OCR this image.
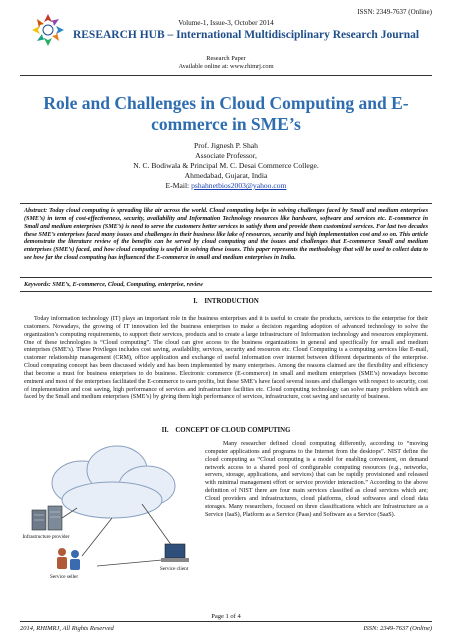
ISSN: 2349-7637 (Online)
Volume-1, Issue-3, October 2014
RESEARCH HUB – International Multidisciplinary Research Journal
Research Paper
Available online at: www.rhimrj.com
Role and Challenges in Cloud Computing and E-commerce in SME’s
Prof. Jignesh P. Shah
Associate Professor,
N. C. Bodiwala & Principal M. C. Desai Commerce College.
Ahmedabad, Gujarat, India
E-Mail: pshahnetbios2003@yahoo.com
Abstract: Today cloud computing is spreading like air across the world. Cloud computing helps in solving challenges faced by Small and medium enterprises (SME’s) in term of cost-effectiveness, security, availability and Information Technology resources like hardware, software and services etc. E-commerce in Small and medium enterprises (SME’s) is need to serve the customers better services to satisfy them and provide them customized services. For last two decades these SME’s enterprises faced many issues and challenges in their business like lake of resources, security and high implementation cost and so on. This article demonstrate the literature review of the benefits can be served by cloud computing and the issues and challenges that E-commerce Small and medium enterprises (SME’s) faced, and how cloud computing is useful in solving these issues. This paper represents the methodology that will be used to collect data to see how far the cloud computing has influenced the E-commerce in small and medium enterprises in India.
Keywords: SME’s, E-commerce, Cloud, Computing, enterprise, review
I. INTRODUCTION
Today information technology (IT) plays an important role in the business enterprises and it is useful to create the products, services to the enterprise for their customers. Nowadays, the growing of IT innovation led the business enterprises to make a decision regarding adoption of advanced technology to solve the organization’s computing requirements, to support their services, products and to create a large infrastructure of Information technology and resources employment. One of these technologies is “Cloud computing”. The cloud can give access to the business organizations in general and specifically for small and medium enterprises (SME’s). These Privileges includes cost saving, availability, services, security and resources etc. Cloud Computing is a computing services like E-mail, customer relationship management (CRM), office application and exchange of useful information over internet between different departments of the enterprise. Cloud computing concept has been discussed widely and has been implemented by many enterprises. Among the reasons claimed are the flexibility and efficiency that become a must for business enterprises to do business. Electronic commerce (E-commerce) in small and medium enterprises (SME’s) nowadays become eminent and most of the enterprises facilitated the E-commerce to earn profits, but these SME’s have faced several issues and challenges with respect to security, cost of implementation and cost saving, high performance of services and infrastructure facilities etc. Cloud computing technology can solve many problem which are faced by the Small and medium enterprises (SME’s) by giving them high performance of services, infrastructure, cost saving and security of business.
II. CONCEPT OF CLOUD COMPUTING
Infrastructure provider
Service seller
Service client
Many researcher defined cloud computing differently, according to “moving computer applications and programs to the Internet from the desktops”. NIST define the cloud computing as “Cloud computing is a model for enabling convenient, on demand network access to a shared pool of configurable computing resources (e.g., networks, servers, storage, applications, and services) that can be rapidly provisioned and released with minimal management effort or service provider interaction.” According to the above definition of NIST there are four main services classified as cloud services which are; Cloud providers and infrastructures, cloud platforms, cloud softwares and cloud data storages. Many researchers, focused on three classifications which are Infrastructure as a Service (IaaS), Platform as a Service (Paas) and Software as a Service (SaaS).
Page 1 of 4
2014, RHIMRJ, All Rights Reserved	ISSN: 2349-7637 (Online)
